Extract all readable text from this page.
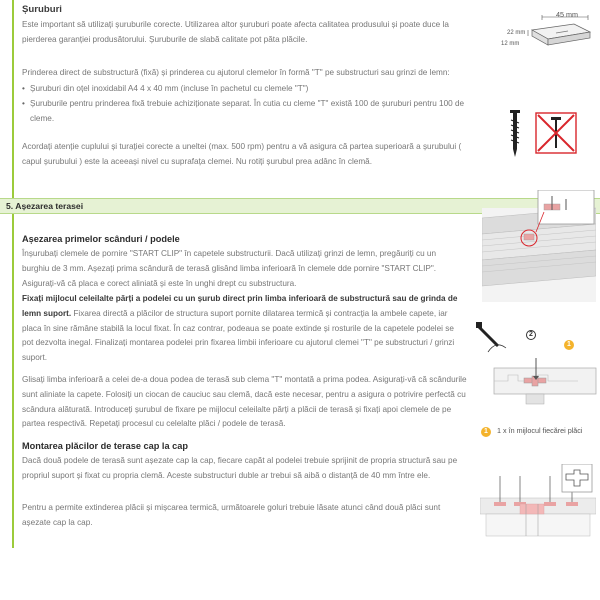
Șuruburi
Este important să utilizați șuruburile corecte. Utilizarea altor șuruburi poate afecta calitatea produsului și poate duce la pierderea garanției produsătorului. Șuruburile de slabă calitate pot păta plăcile.
Prinderea direct de substructură (fixă) și prinderea cu ajutorul clemelor în formă "T" pe substructuri sau grinzi de lemn:
• Șuruburi din oțel inoxidabil A4 4 x 40 mm (incluse în pachetul cu clemele "T")
• Șuruburile pentru prinderea fixă trebuie achiziționate separat. În cutia cu cleme "T" există 100 de șuruburi pentru 100 de cleme.
Acordați atenție cuplului și turației corecte a uneltei (max. 500 rpm) pentru a vă asigura că partea superioară a șurubului ( capul șurubului ) este la aceeași nivel cu suprafața clemei. Nu rotiți șurubul prea adânc în clemă.
45 mm
22 mm
12 mm
5. Așezarea terasei
Așezarea primelor scânduri / podele
Înșurubați clemele de pornire "START CLIP" în capetele substructurii. Dacă utilizați grinzi de lemn, pregăuriți cu un burghiu de 3 mm. Așezați prima scândură de terasă glisând limba inferioară în clemele dde pornire "START CLIP". Asigurați-vă că placa e corect aliniată și este în unghi drept cu substructura.
Fixați mijlocul celeilalte părți a podelei cu un șurub direct prin limba inferioară de substructură sau de grinda de lemn suport. Fixarea directă a plăcilor de structura suport pornite dilatarea termică și contracția la ambele capete, iar placa în sine rămâne stabilă la locul fixat. În caz contrar, podeaua se poate extinde și rosturile de la capetele podelei se pot dezvolta inegal. Finalizați montarea podelei prin fixarea limbii inferioare cu ajutorul clemei "T" pe substructuri / grinzi suport.
Glisați limba inferioară a celei de-a doua podea de terasă sub clema "T" montată a prima podea. Asigurați-vă că scândurile sunt aliniate la capete. Folosiți un ciocan de cauciuc sau clemă, dacă este necesar, pentru a asigura o potrivire perfectă cu scândura alăturată. Introduceți șurubul de fixare pe mijlocul celeilalte părți a plăcii de terasă și fixați apoi clemele de pe partea respectivă. Repetați procesul cu celelalte plăci / podele de terasă.
Montarea plăcilor de terase cap la cap
Dacă două podele de terasă sunt așezate cap la cap, fiecare capăt al podelei trebuie sprijinit de propria structură sau pe propriul suport și fixat cu propria clemă. Aceste substructuri duble ar trebui să aibă o distanță de 40 mm între ele.
Pentru a permite extinderea plăcii și mișcarea termică, următoarele goluri trebuie lăsate atunci când două plăci sunt așezate cap la cap.
2
1
1	1 x în mijlocul fiecărei plăci
